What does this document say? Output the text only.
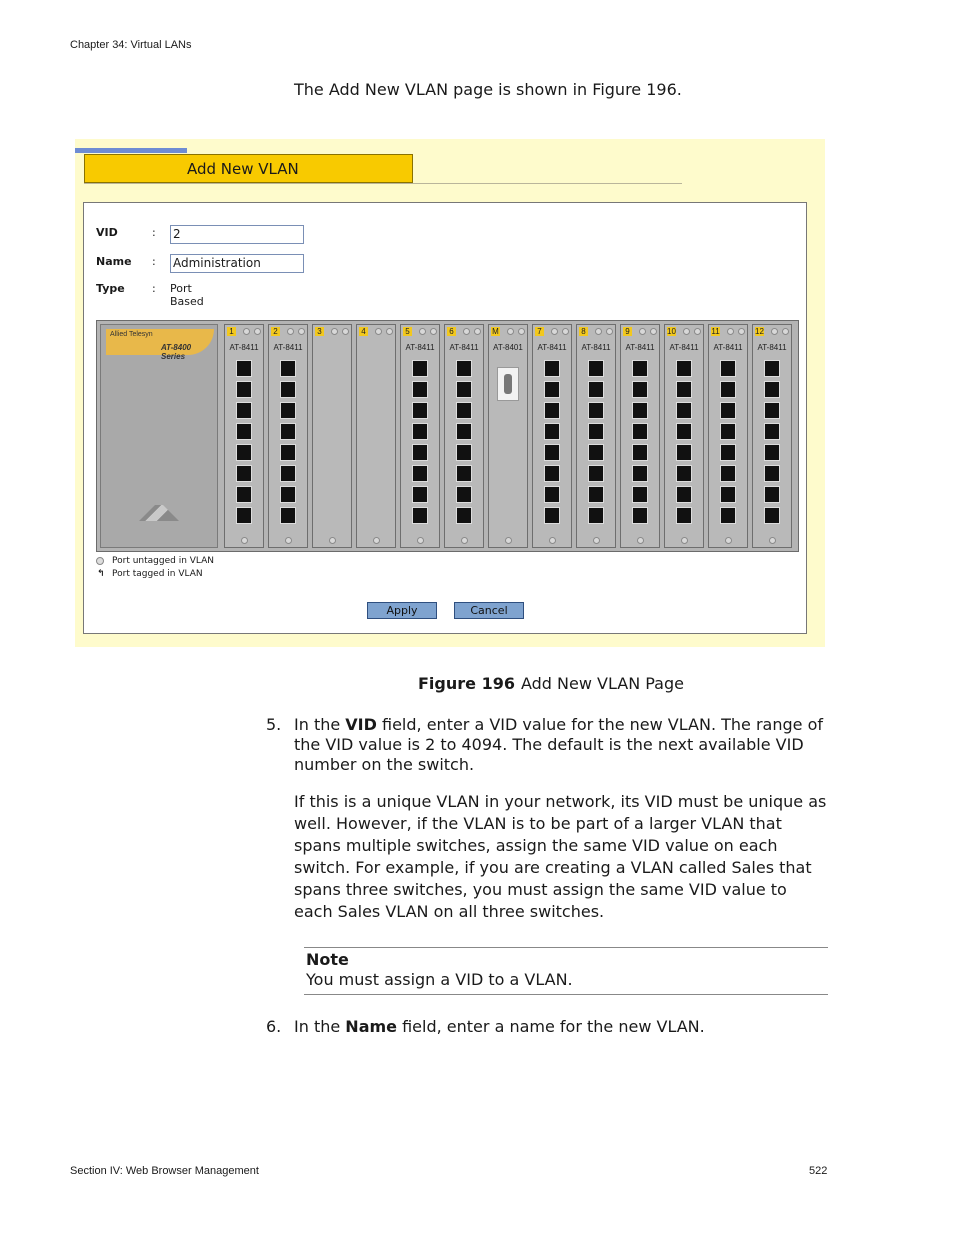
Chapter 34: Virtual LANs
The Add New VLAN page is shown in Figure 196.
Add New VLAN
VID	: 2
Name	: Administration
Type	: Port Based
Allied Telesyn
AT-8400 Series
1
AT-8411
2
AT-8411
3	4	5
AT-8411
6
AT-8411
M
AT-8401
7
AT-8411
8
AT-8411
9
AT-8411
10
AT-8411
11
AT-8411
12
AT-8411
Port untagged in VLAN
↰ Port tagged in VLAN
Apply	Cancel
Figure 196 Add New VLAN Page
5. In the VID field, enter a VID value for the new VLAN. The range of the VID value is 2 to 4094. The default is the next available VID number on the switch.
If this is a unique VLAN in your network, its VID must be unique as well. However, if the VLAN is to be part of a larger VLAN that spans multiple switches, assign the same VID value on each switch. For example, if you are creating a VLAN called Sales that spans three switches, you must assign the same VID value to each Sales VLAN on all three switches.
Note
You must assign a VID to a VLAN.
6. In the Name field, enter a name for the new VLAN.
Section IV: Web Browser Management	522
